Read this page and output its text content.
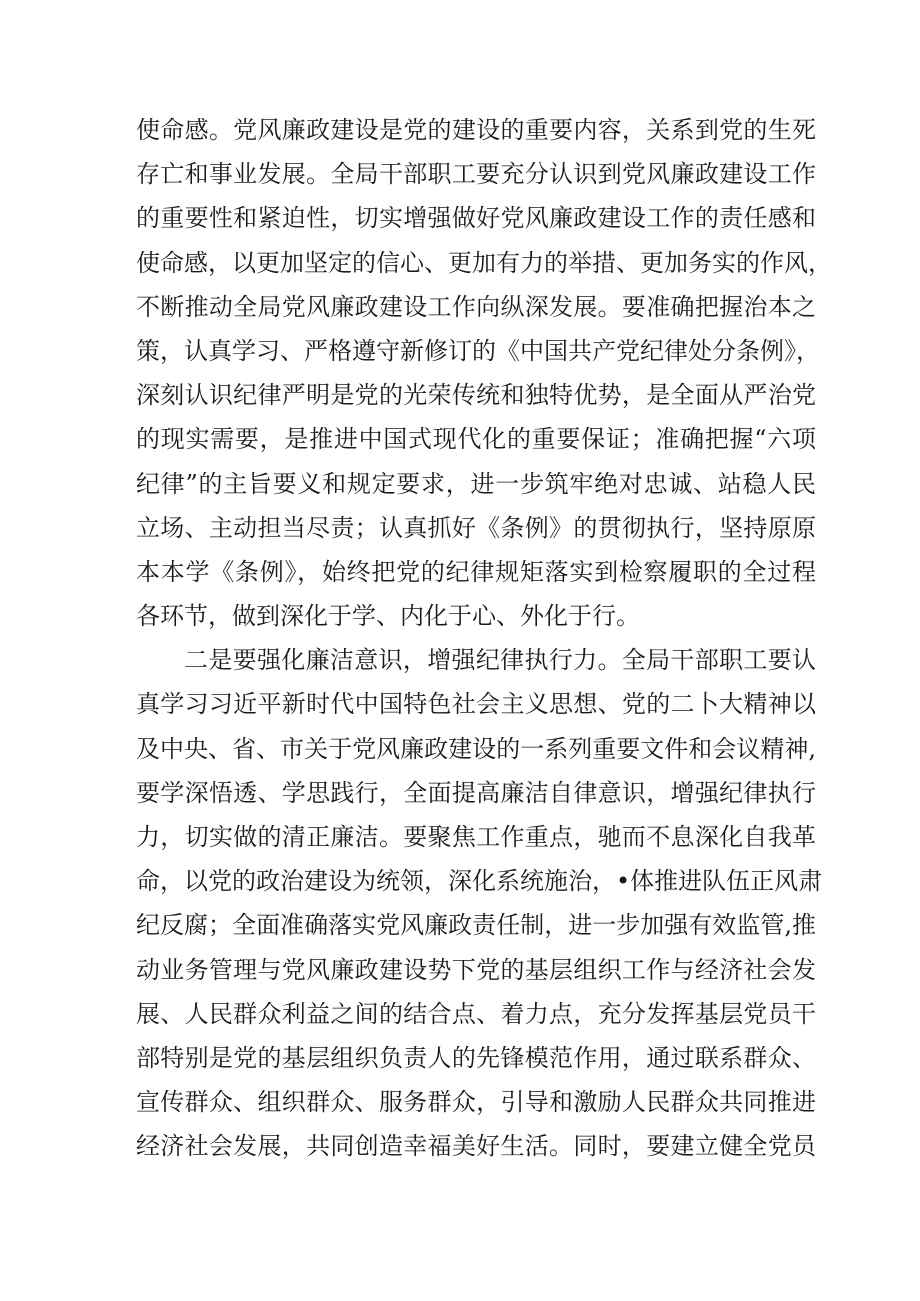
使命感。党风廉政建设是党的建设的重要内容，关系到党的生死
存亡和事业发展。全局干部职工要充分认识到党风廉政建设工作
的重要性和紧迫性，切实增强做好党风廉政建设工作的责任感和
使命感，以更加坚定的信心、更加有力的举措、更加务实的作风，
不断推动全局党风廉政建设工作向纵深发展。要准确把握治本之
策，认真学习、严格遵守新修订的《中国共产党纪律处分条例》，
深刻认识纪律严明是党的光荣传统和独特优势，是全面从严治党
的现实需要，是推进中国式现代化的重要保证；准确把握“六项
纪律”的主旨要义和规定要求，进一步筑牢绝对忠诚、站稳人民
立场、主动担当尽责；认真抓好《条例》的贯彻执行，坚持原原
本本学《条例》，始终把党的纪律规矩落实到检察履职的全过程
各环节，做到深化于学、内化于心、外化于行。
二是要强化廉洁意识，增强纪律执行力。全局干部职工要认
真学习习近平新时代中国特色社会主义思想、党的二卜大精神以
及中央、省、市关于党风廉政建设的一系列重要文件和会议精神,
要学深悟透、学思践行，全面提高廉洁自律意识，增强纪律执行
力，切实做的清正廉洁。要聚焦工作重点，驰而不息深化自我革
命，以党的政治建设为统领，深化系统施治，•体推进队伍正风肃
纪反腐；全面准确落实党风廉政责任制，进一步加强有效监管,推
动业务管理与党风廉政建设势下党的基层组织工作与经济社会发
展、人民群众利益之间的结合点、着力点，充分发挥基层党员干
部特别是党的基层组织负责人的先锋模范作用，通过联系群众、
宣传群众、组织群众、服务群众，引导和激励人民群众共同推进
经济社会发展，共同创造幸福美好生活。同时，要建立健全党员
